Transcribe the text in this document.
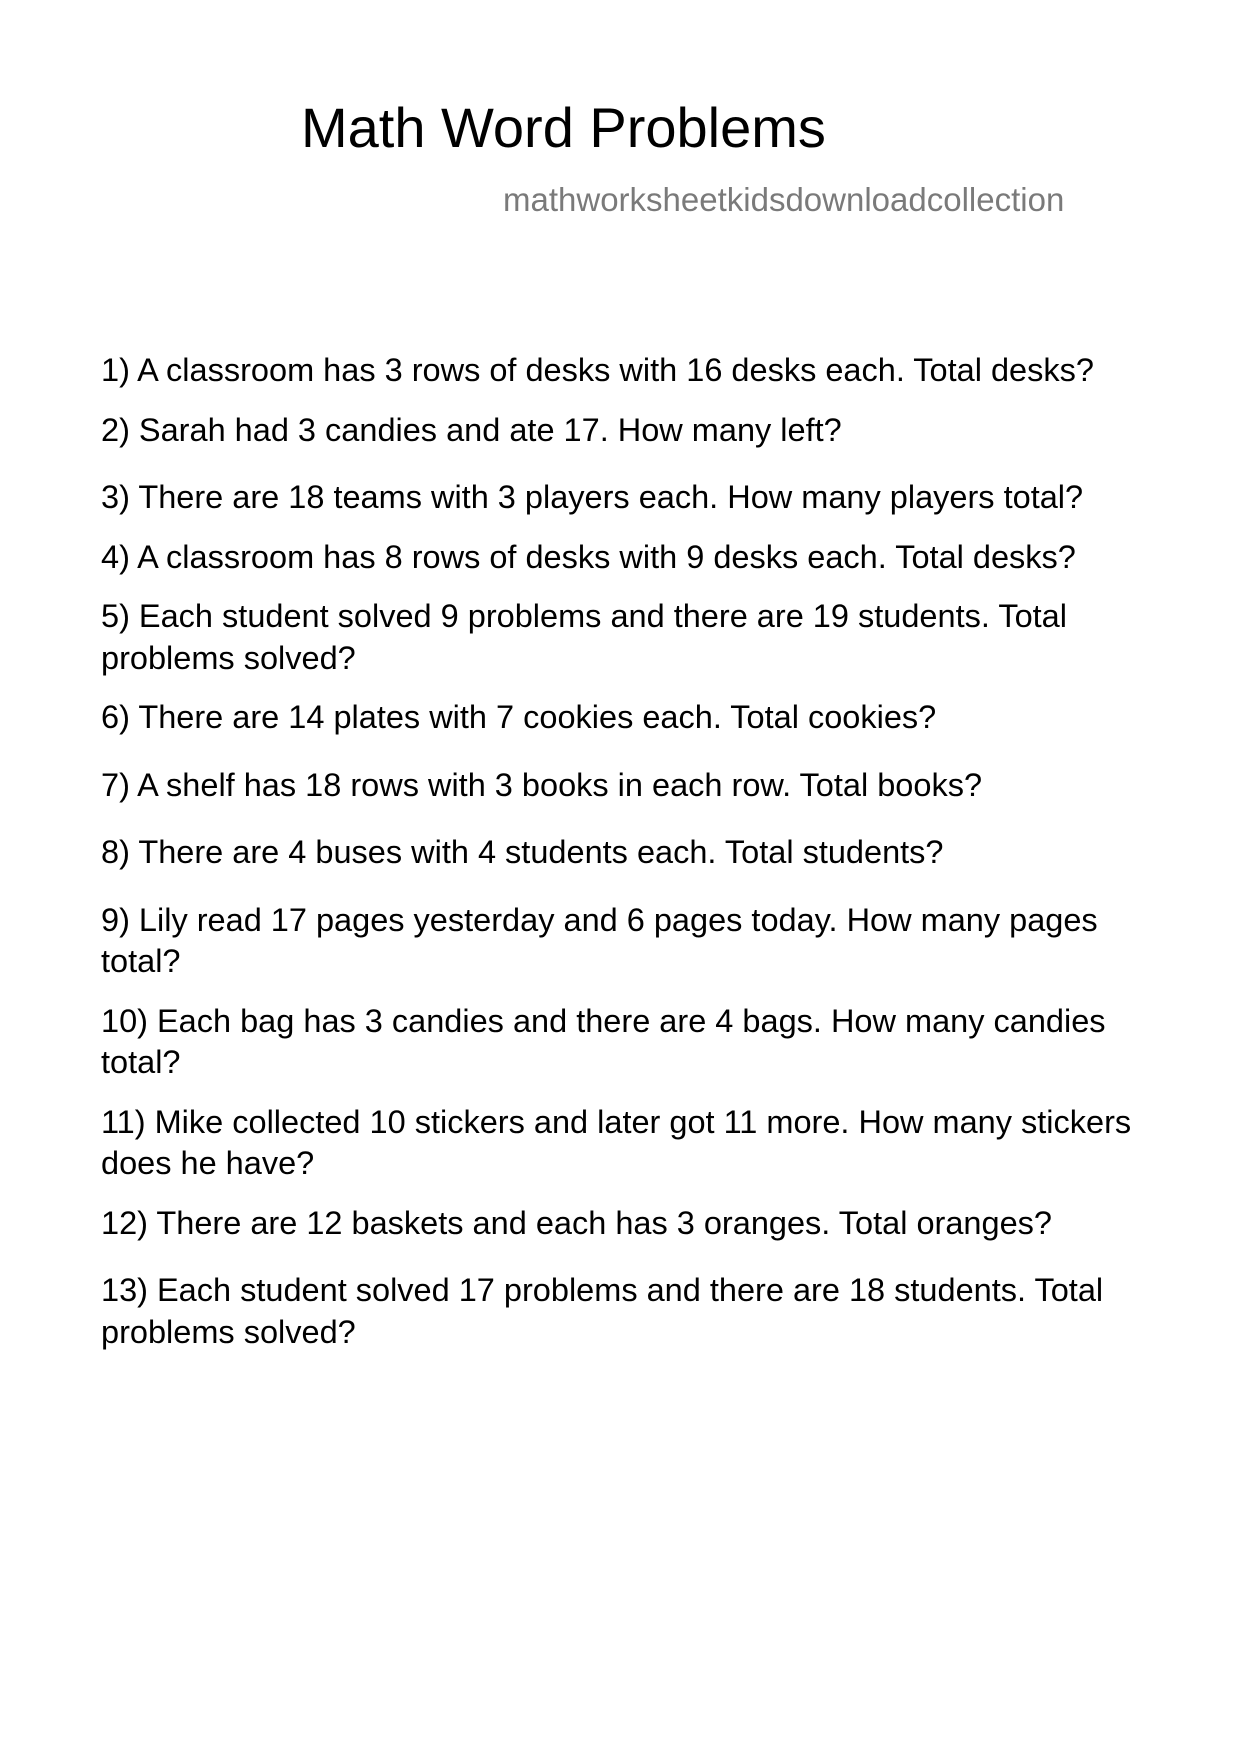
Math Word Problems
mathworksheetkidsdownloadcollection
1) A classroom has 3 rows of desks with 16 desks each. Total desks?
2) Sarah had 3 candies and ate 17. How many left?
3) There are 18 teams with 3 players each. How many players total?
4) A classroom has 8 rows of desks with 9 desks each. Total desks?
5) Each student solved 9 problems and there are 19 students. Total problems solved?
6) There are 14 plates with 7 cookies each. Total cookies?
7) A shelf has 18 rows with 3 books in each row. Total books?
8) There are 4 buses with 4 students each. Total students?
9) Lily read 17 pages yesterday and 6 pages today. How many pages total?
10) Each bag has 3 candies and there are 4 bags. How many candies total?
11) Mike collected 10 stickers and later got 11 more. How many stickers does he have?
12) There are 12 baskets and each has 3 oranges. Total oranges?
13) Each student solved 17 problems and there are 18 students. Total problems solved?
